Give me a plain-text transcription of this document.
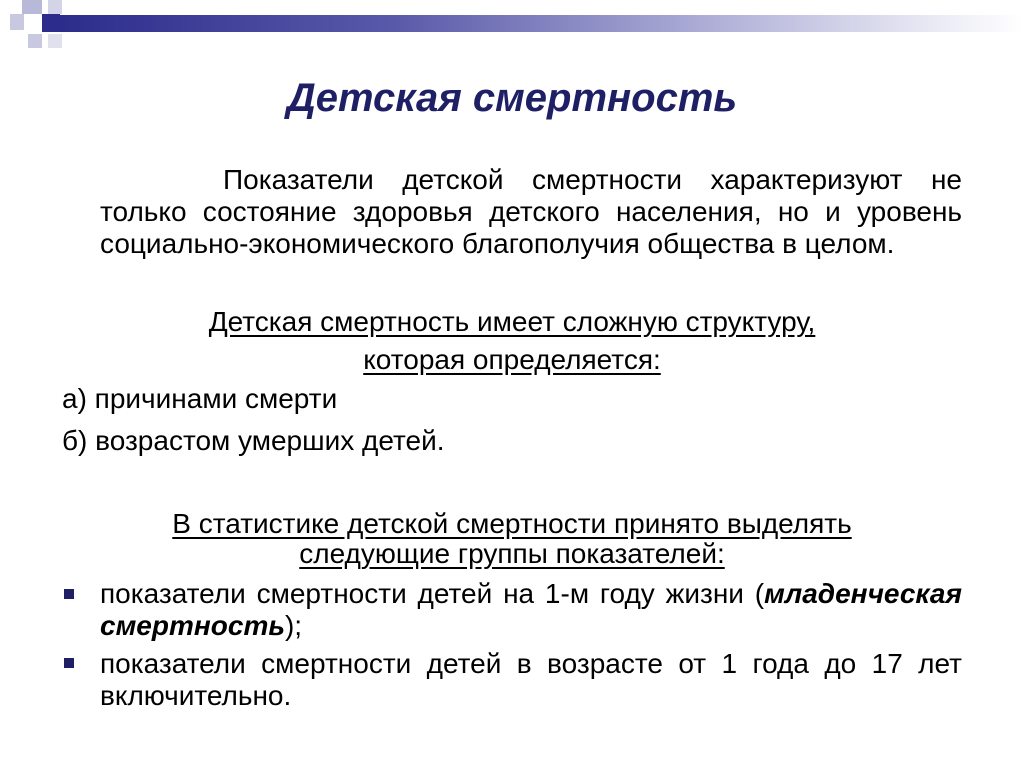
Детская смертность

Показатели детской смертности характеризуют не только состояние здоровья детского населения, но и уровень социально-экономического благополучия общества в целом.

Детская смертность имеет сложную структуру,

которая определяется:

а) причинами смерти

б) возрастом умерших детей.

В статистике детской смертности принято выделять

следующие группы показателей:

показатели смертности детей на 1-м году жизни (младенческая смертность);

показатели смертности детей в возрасте от 1 года до 17 лет включительно.
